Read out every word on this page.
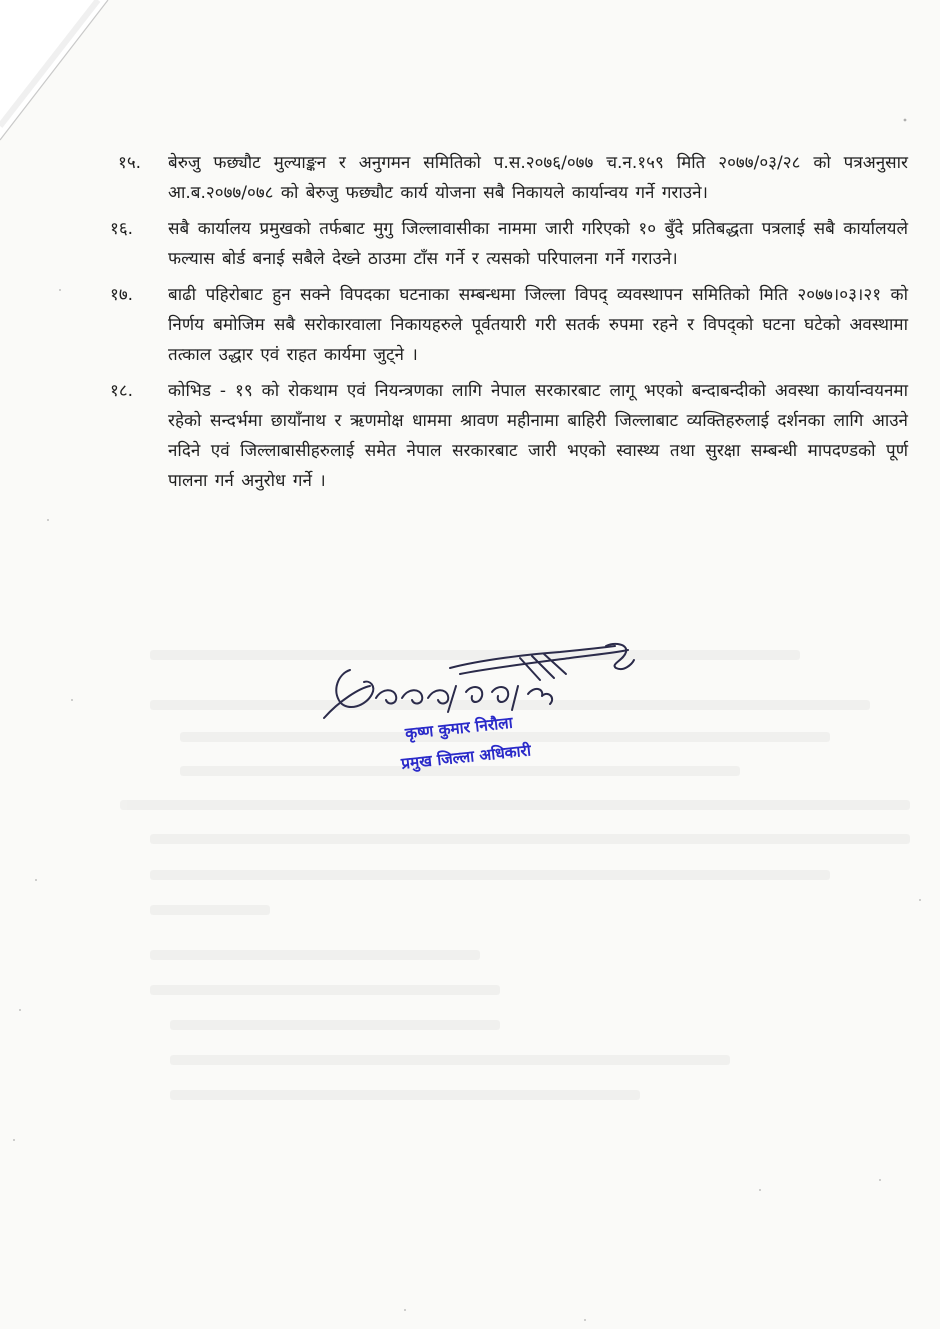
१५. बेरुजु फछ्यौट मुल्याङ्कन र अनुगमन समितिको प.स.२०७६/०७७ च.न.१५९ मिति २०७७/०३/२८ को पत्रअनुसार आ.ब.२०७७/०७८ को बेरुजु फछ्यौट कार्य योजना सबै निकायले कार्यान्वय गर्ने गराउने।
१६. सबै कार्यालय प्रमुखको तर्फबाट मुगु जिल्लावासीका नाममा जारी गरिएको १० बुँदे प्रतिबद्धता पत्रलाई सबै कार्यालयले फल्यास बोर्ड बनाई सबैले देख्ने ठाउमा टाँस गर्ने र त्यसको परिपालना गर्ने गराउने।
१७. बाढी पहिरोबाट हुन सक्ने विपदका घटनाका सम्बन्धमा जिल्ला विपद् व्यवस्थापन समितिको मिति २०७७।०३।२१ को निर्णय बमोजिम सबै सरोकारवाला निकायहरुले पूर्वतयारी गरी सतर्क रुपमा रहने र विपद्को घटना घटेको अवस्थामा तत्काल उद्धार एवं राहत कार्यमा जुट्ने ।
१८. कोभिड - १९ को रोकथाम एवं नियन्त्रणका लागि नेपाल सरकारबाट लागू भएको बन्दाबन्दीको अवस्था कार्यान्वयनमा रहेको सन्दर्भमा छायाँनाथ र ऋणमोक्ष धाममा श्रावण महीनामा बाहिरी जिल्लाबाट व्यक्तिहरुलाई दर्शनका लागि आउने नदिने एवं जिल्लाबासीहरुलाई समेत नेपाल सरकारबाट जारी भएको स्वास्थ्य तथा सुरक्षा सम्बन्धी मापदण्डको पूर्ण पालना गर्न अनुरोध गर्ने ।
कृष्ण कुमार निरौला
प्रमुख जिल्ला अधिकारी
